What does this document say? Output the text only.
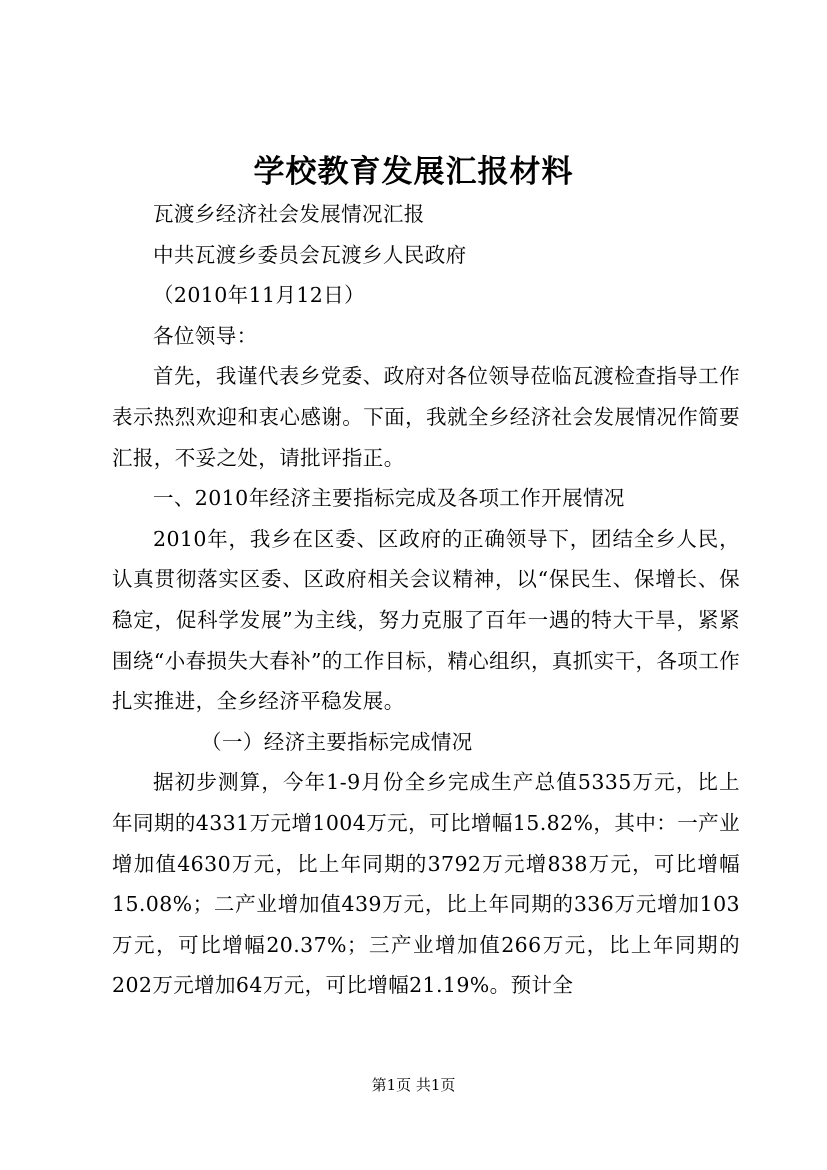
学校教育发展汇报材料

瓦渡乡经济社会发展情况汇报

中共瓦渡乡委员会瓦渡乡人民政府

（2010年11月12日）

各位领导：

首先，我谨代表乡党委、政府对各位领导莅临瓦渡检查指导工作表示热烈欢迎和衷心感谢。下面，我就全乡经济社会发展情况作简要汇报，不妥之处，请批评指正。

一、2010年经济主要指标完成及各项工作开展情况

2010年，我乡在区委、区政府的正确领导下，团结全乡人民，认真贯彻落实区委、区政府相关会议精神，以“保民生、保增长、保稳定，促科学发展”为主线，努力克服了百年一遇的特大干旱，紧紧围绕“小春损失大春补”的工作目标，精心组织，真抓实干，各项工作扎实推进，全乡经济平稳发展。

（一）经济主要指标完成情况

据初步测算，今年1-9月份全乡完成生产总值5335万元，比上年同期的4331万元增1004万元，可比增幅15.82%，其中：一产业增加值4630万元，比上年同期的3792万元增838万元，可比增幅15.08%；二产业增加值439万元，比上年同期的336万元增加103万元，可比增幅20.37%；三产业增加值266万元，比上年同期的202万元增加64万元，可比增幅21.19%。预计全

第1页 共1页
